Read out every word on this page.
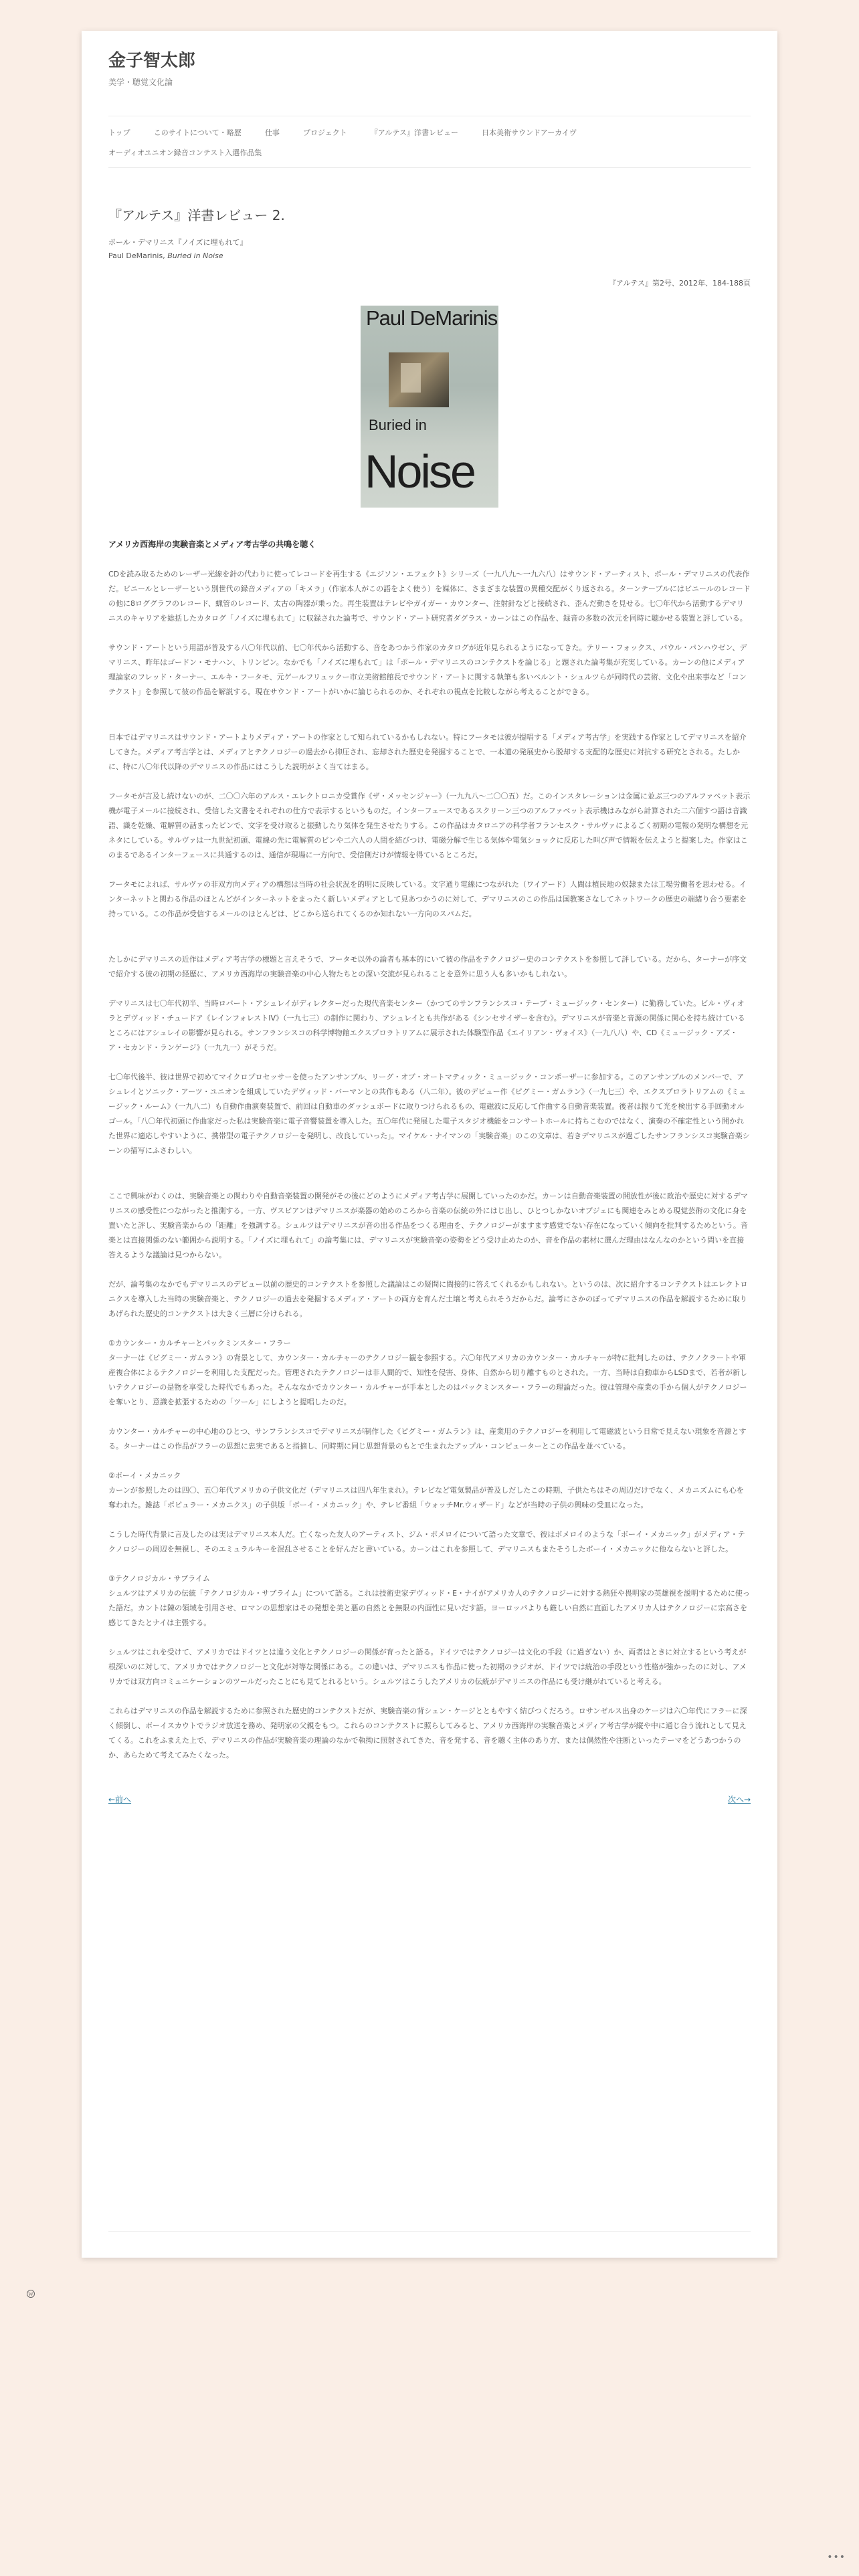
金子智太郎
美学・聴覚文化論
トップ	このサイトについて・略歴	仕事	プロジェクト	『アルテス』洋書レビュー	日本美術サウンドアーカイヴ オーディオユニオン録音コンテスト入選作品集
『アルテス』洋書レビュー 2.
ポール・デマリニス『ノイズに埋もれて』
Paul DeMarinis, Buried in Noise
『アルテス』第2号、2012年、184-188頁
Paul DeMarinis
Buried in
Noise
アメリカ西海岸の実験音楽とメディア考古学の共鳴を聴く

CDを読み取るためのレーザー光線を針の代わりに使ってレコードを再生する《エジソン・エフェクト》シリーズ（一九八九〜一九六八）はサウンド・アーティスト、ポール・デマリニスの代表作だ。ビニールとレーザーという別世代の録音メディアの「キメラ」（作家本人がこの語をよく使う）を媒体に、さまざまな装置の異種交配がくり返される。ターンテーブルにはビニールのレコードの他に8ロググラフのレコード、蝋管のレコード、太古の陶器が乗った。再生装置はテレビやガイガー・カウンター、注射針などと接続され、歪んだ動きを見せる。七〇年代から活動するデマリニスのキャリアを総括したカタログ「ノイズに埋もれて」に収録された論考で、サウンド・アート研究者ダグラス・カーンはこの作品を、録音の多数の次元を同時に聴かせる装置と評している。

サウンド・アートという用語が普及する八〇年代以前、七〇年代から活動する、音をあつかう作家のカタログが近年見られるようになってきた。テリー・フォックス、パウル・パンハウゼン、デマリニス、昨年はゴードン・モナハン、トリンピン。なかでも「ノイズに埋もれて」は「ポール・デマリニスのコンテクストを論じる」と題された論考集が充実している。カーンの他にメディア理論家のフレッド・ターナー、エルキ・フータモ、元ゲールフリュックー市立美術館館長でサウンド・アートに関する執筆も多いベルント・シュルツらが同時代の芸術、文化や出来事など「コンテクスト」を参照して彼の作品を解説する。現在サウンド・アートがいかに論じられるのか、それぞれの視点を比較しながら考えることができる。

日本ではデマリニスはサウンド・アートよりメディア・アートの作家として知られているかもしれない。特にフータモは彼が提唱する「メディア考古学」を実践する作家としてデマリニスを紹介してきた。メディア考古学とは、メディアとテクノロジーの過去から抑圧され、忘却された歴史を発掘することで、一本道の発展史から脱却する支配的な歴史に対抗する研究とされる。たしかに、特に八〇年代以降のデマリニスの作品にはこうした説明がよく当てはまる。

フータモが言及し続けないのが、二〇〇六年のアルス・エレクトロニカ受賞作《ザ・メッセンジャー》（一九九八〜二〇〇五）だ。このインスタレーションは金属に並ぶ三つのアルファベット表示機が電子メールに接続され、受信した文書をそれぞれの仕方で表示するというものだ。インターフェースであるスクリーン三つのアルファベット表示機はみながら計算された二六個すつ語は音識語、識を乾燥、電解質の話まったビンで、文字を受け取ると振動したり気体を発生させたりする。この作品はカタロニアの科学者フランセスク・サルヴァによるごく初期の電報の発明な構想を元ネタにしている。サルヴァは一九世紀初頭、電線の先に電解質のビンや二六人の人間を結びつけ、電磁分解で生じる気体や電気ショックに反応した叫び声で情報を伝えようと提案した。作家はこのまるであるインターフェースに共通するのは、通信が現場に一方向で、受信側だけが情報を得ているところだ。

フータモによれば、サルヴァの非双方向メディアの構想は当時の社会状況を的明に反映している。文字通り電線につながれた（ワイアード）人間は植民地の奴隷または工場労働者を思わせる。インターネットと関わる作品のほとんどがインターネットをまったく新しいメディアとして見あつかうのに対して、デマリニスのこの作品は国教案さなしてネットワークの歴史の端緒り合う要素を持っている。この作品が受信するメールのほとんどは、どこから送られてくるのか知れない一方向のスパムだ。

たしかにデマリニスの近作はメディア考古学の標題と言えそうで、フータモ以外の論者も基本的にいて彼の作品をテクノロジー史のコンテクストを参照して評している。だから、ターナーが序文で紹介する彼の初期の経歴に、アメリカ西海岸の実験音楽の中心人物たちとの深い交流が見られることを意外に思う人も多いかもしれない。

デマリニスは七〇年代初半、当時ロバート・アシュレイがディレクターだった現代音楽センター（かつてのサンフランシスコ・テープ・ミュージック・センター）に勤務していた。ビル・ヴィオラとデヴィッド・チュードア《レインフォレストIV》（一九七三）の制作に関わり、アシュレイとも共作がある《シンセサイザーを含む》。デマリニスが音楽と音源の関係に関心を持ち続けているところにはアシュレイの影響が見られる。サンフランシスコの科学博物館エクスプロラトリアムに展示された体験型作品《エイリアン・ヴォイス》（一九八八）や、CD《ミュージック・アズ・ア・セカンド・ランゲージ》（一九九一）がそうだ。

七〇年代後半、彼は世界で初めてマイクロプロセッサーを使ったアンサンブル、リーグ・オブ・オートマティック・ミュージック・コンポーザーに参加する。このアンサンブルのメンバーで、アシュレイとソニック・アーツ・ユニオンを組成していたデヴィッド・バーマンとの共作もある（八二年）。彼のデビュー作《ピグミー・ガムラン》（一九七三）や、エクスプロラトリアムの《ミュージック・ルーム》（一九八二）も自動作曲演奏装置で、前回は自動車のダッシュボードに取りつけられるもの、電磁波に反応して作曲する自動音楽装置。後者は振りて光を検出する手回動オルゴール。「八〇年代初頭に作曲家だった私は実験音楽に電子音響装置を導入した。五〇年代に発展した電子スタジオ機能をコンサートホールに持ちこむのではなく、演奏の不確定性という開かれた世界に適応しやすいように、携帯型の電子テクノロジーを発明し、改良していった」。マイケル・ナイマンの「実験音楽」のこの文章は、若きデマリニスが過ごしたサンフランシスコ実験音楽シーンの描写にふさわしい。

ここで興味がわくのは、実験音楽との関わりや自動音楽装置の開発がその後にどのようにメディア考古学に展開していったのかだ。カーンは自動音楽装置の開放性が後に政治や歴史に対するデマリニスの感受性につながったと推測する。一方、ヴスビアンはデマリニスが楽器の始めのころから音楽の伝統の外にはじ出し、ひとつしかないオブジェにも関連をみとめる現覚芸術の文化に身を置いたと評し、実験音楽からの「距離」を強調する。シュルツはデマリニスが音の出る作品をつくる理由を、テクノロジーがますます感覚でない存在になっていく傾向を批判するためという。音楽とは直接関係のない範囲から説明する。「ノイズに埋もれて」の論考集には、デマリニスが実験音楽の姿勢をどう受け止めたのか、音を作品の素材に選んだ理由はなんなのかという問いを直接答えるような議論は見つからない。

だが、論考集のなかでもデマリニスのデビュー以前の歴史的コンテクストを参照した議論はこの疑問に間接的に答えてくれるかもしれない。というのは、次に紹介するコンテクストはエレクトロニクスを導入した当時の実験音楽と、テクノロジーの過去を発掘するメディア・アートの両方を育んだ土壌と考えられそうだからだ。論考にさかのぼってデマリニスの作品を解説するために取りあげられた歴史的コンテクストは大きく三層に分けられる。

①カウンター・カルチャーとパックミンスター・フラー
ターナーは《ピグミー・ガムラン》の背景として、カウンター・カルチャーのテクノロジー観を参照する。六〇年代アメリカのカウンター・カルチャーが特に批判したのは、テクノクラートや軍産複合体によるテクノロジーを利用した支配だった。管理されたテクノロジーは非人間的で、知性を侵害、身体、自然から切り離すものとされた。一方、当時は自動車からLSDまで、若者が新しいテクノロジーの是物を享受した時代でもあった。そんななかでカウンター・カルチャーが手本としたのはバックミンスター・フラーの理論だった。彼は管理や産業の手から個人がテクノロジーを奪いとり、意識を拡張するための「ツール」にしようと提唱したのだ。

カウンター・カルチャーの中心地のひとつ、サンフランシスコでデマリニスが制作した《ピグミー・ガムラン》は、産業用のテクノロジーを利用して電磁波という日常で見えない現象を音源とする。ターナーはこの作品がフラーの思想に忠実であると指摘し、同時期に同じ思想背景のもとで生まれたアップル・コンピューターとこの作品を並べている。

②ボーイ・メカニック
カーンが参照したのは四〇、五〇年代アメリカの子供文化だ（デマリニスは四八年生まれ）。テレビなど電気製品が普及しだしたこの時期、子供たちはその周辺だけでなく、メカニズムにも心を奪われた。雑誌「ポピュラー・メカニクス」の子供版「ボーイ・メカニック」や、テレビ番組「ウォッチMr.ウィザード」などが当時の子供の興味の受皿になった。

こうした時代背景に言及したのは実はデマリニス本人だ。亡くなった友人のアーティスト、ジム・ポメロイについて語った文章で、彼はポメロイのような「ボーイ・メカニック」がメディア・テクノロジーの周辺を無視し、そのエミュラルキーを混乱させることを好んだと書いている。カーンはこれを参照して、デマリニスもまたそうしたボーイ・メカニックに他ならないと評した。

③テクノロジカル・サブライム
シュルツはアメリカの伝統「テクノロジカル・サブライム」について語る。これは技術史家デヴィッド・E・ナイがアメリカ人のテクノロジーに対する熱狂や畏明家の英雄視を説明するために使った語だ。カントは陳の領域を引用させ、ロマンの思想家はその発想を美と悪の自然とを無限の内面性に見いだす語。ヨーロッパよりも厳しい自然に直面したアメリカ人はテクノロジーに宗高さを感じてきたとナイは主張する。

シュルツはこれを受けて、アメリカではドイツとは違う文化とテクノロジーの関係が育ったと語る。ドイツではテクノロジーは文化の手段（に過ぎない）か、両者はときに対立するという考えが根深いのに対して、アメリカではテクノロジーと文化が対等な関係にある。この違いは、デマリニスも作品に使った初期のラジオが、ドイツでは統治の手段という性格が強かったのに対し、アメリカでは双方向コミュニケーションのツールだったことにも見てとれるという。シュルツはこうしたアメリカの伝統がデマリニスの作品にも受け継がれていると考える。

これらはデマリニスの作品を解説するために参照された歴史的コンテクストだが、実験音楽の背シュン・ケージとともやすく結びつくだろう。ロサンゼルス出身のケージは六〇年代にフラーに深く傾倒し、ボーイスカウトでラジオ放送を務め、発明家の父親をもつ。これらのコンテクストに照らしてみると、アメリカ西海岸の実験音楽とメディア考古学が縦や中に通じ合う流れとして見えてくる。これをふまえた上で、デマリニスの作品が実験音楽の理論のなかで執拗に照射されてきた、音を発する、音を聴く主体のあり方、または偶然性や注断といったテーマをどうあつかうのか、あらためて考えてみたくなった。

←前へ	次へ→
W
•••
